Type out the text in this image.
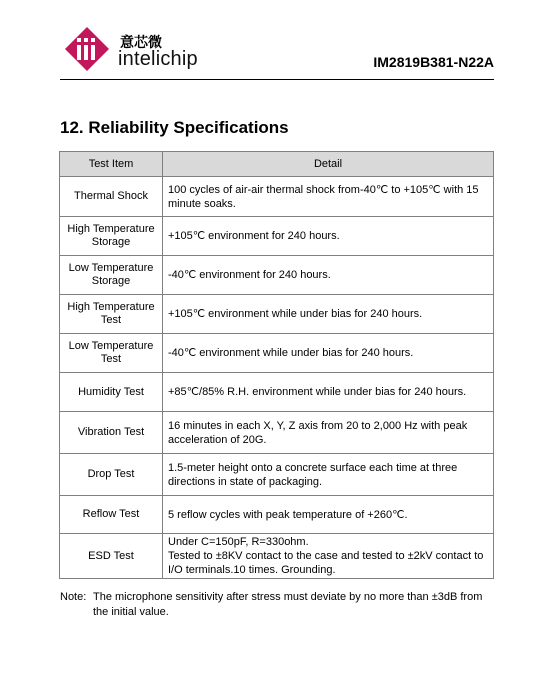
意芯微
intelichip	IM2819B381-N22A
12. Reliability Specifications
Test Item	Detail
Thermal Shock	100 cycles of air-air thermal shock from-40℃ to +105℃ with 15 minute soaks.

High Temperature Storage	+105℃ environment for 240 hours.

Low Temperature Storage	-40℃ environment for 240 hours.

High Temperature Test	+105℃ environment while under bias for 240 hours.

Low Temperature Test	-40℃ environment while under bias for 240 hours.

Humidity Test	+85℃/85% R.H. environment while under bias for 240 hours.

Vibration Test	16 minutes in each X, Y, Z axis from 20 to 2,000 Hz with peak acceleration of 20G.

Drop Test	1.5-meter height onto a concrete surface each time at three directions in state of packaging.

Reflow Test	5 reflow cycles with peak temperature of +260℃.

ESD Test	Under C=150pF, R=330ohm.
Tested to ±8KV contact to the case and tested to ±2kV contact to I/O terminals.10 times. Grounding.
Note: The microphone sensitivity after stress must deviate by no more than ±3dB from the initial value.
